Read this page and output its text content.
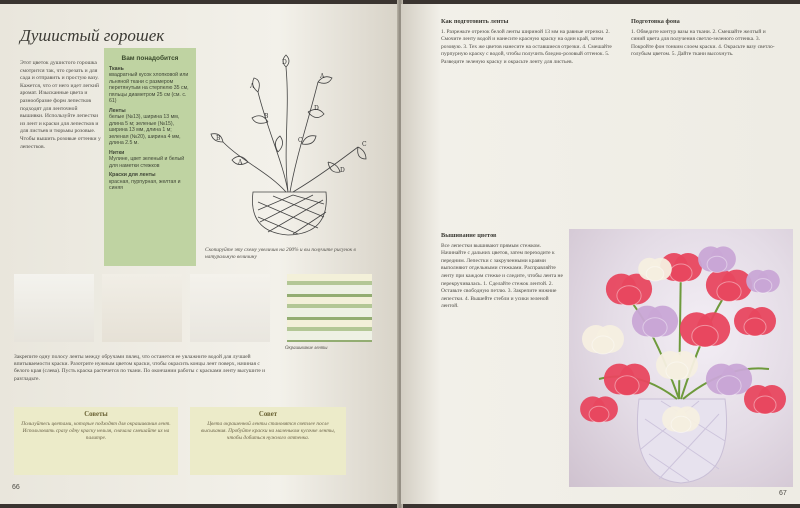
Душистый горошек
Этот цветок душистого горошка смотрится так, что срезать и для сада и отправить и простую вазу. Кажется, что от него идет легкий аромат. Изысканные цвета и разнообразие форм лепестков подходят для ленточной вышивки. Используйте лепестки из лент и краски для лепестков и для листьев и тюрьмы розовые. Чтобы вышить розовые оттенки у лепестков.
Вам понадобится
Ткань
квадратный кусок хлопковой или льняной ткани с размером перетянутым на стерпелю 35 см, пяльцы диаметром 25 см (см. с. 61)
Ленты
белые (№13), ширина 13 мм, длина 5 м; зеленые (№15), ширина 13 мм, длина 1 м; зеленая (№20), ширина 4 мм, длина 2.5 м.
Нитки
Мулине, цвет зеленый и белый для наметки стежков
Краски для ленты
красная, пурпурная, желтая и синяя
A
A
B
C
B
D
A
D
D
C
Скопируйте эту схему увеличив на 200% и вы получите рисунок в натуральную величину
Окрашивание ленты
Закрепите одну полосу ленты между обручами пялец, что останется ее увлажните водой для лучшей впитываемости краски. Разотрите нужным цветом краски, чтобы окрасить концы лент поверх, начиная с белого края (слева). Пусть краска растечется по ткани. По окончании работы с красками ленту высушите и разгладьте.
Советы

Пользуйтесь цветами, которые подходят для окрашивания лент. Использовать сразу одну краску нельзя, сначала смешайте их на палитре.

Совет

Цвета окрашенной ленты становятся светлее после высыхания. Пробуйте краски на маленьком кусочке ленты, чтобы добиться нужного оттенка.

66
Как подготовить ленты
1. Разрежьте отрезок белой ленты шириной 13 мм на равные отрезки. 2. Смочите ленту водой и нанесите красную краску на один край, затем розовую. 3. Тех же цветов нанесите на оставшиеся отрезки. 4. Смешайте пурпурную краску с водой, чтобы получить бледно-розовый оттенок. 5. Разведите зеленую краску и окрасьте ленту для листьев.
Подготовка фона
1. Обведите контур вазы на ткани. 2. Смешайте желтый и синий цвета для получения светло-зеленого оттенка. 3. Покройте фон тонким слоем краски. 4. Окрасьте вазу светло-голубым цветом. 5. Дайте ткани высохнуть.
Вышивание цветов
Все лепестки вышивают прямым стежком. Начинайте с дальних цветов, затем переходите к передним. Лепестки с закрученными краями выполняют отдельными стежками. Расправляйте ленту при каждом стежке и следите, чтобы лента не перекручивалась. 1. Сделайте стежок лентой. 2. Оставьте свободную петлю. 3. Закрепите нижние лепестки. 4. Вышейте стебли и усики зеленой лентой.
67
